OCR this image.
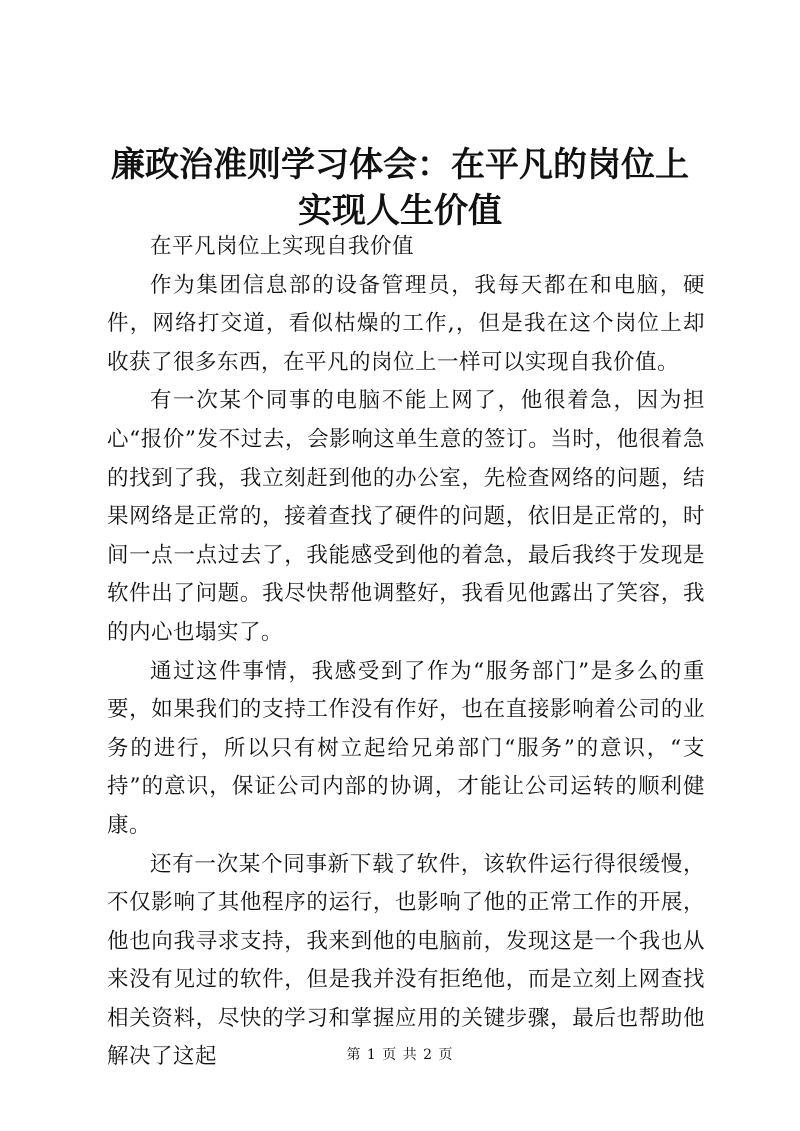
廉政治准则学习体会：在平凡的岗位上实现人生价值

在平凡岗位上实现自我价值

作为集团信息部的设备管理员，我每天都在和电脑，硬件，网络打交道，看似枯燥的工作,，但是我在这个岗位上却收获了很多东西，在平凡的岗位上一样可以实现自我价值。

有一次某个同事的电脑不能上网了，他很着急，因为担心“报价”发不过去，会影响这单生意的签订。当时，他很着急的找到了我，我立刻赶到他的办公室，先检查网络的问题，结果网络是正常的，接着查找了硬件的问题，依旧是正常的，时间一点一点过去了，我能感受到他的着急，最后我终于发现是软件出了问题。我尽快帮他调整好，我看见他露出了笑容，我的内心也塌实了。

通过这件事情，我感受到了作为“服务部门”是多么的重要，如果我们的支持工作没有作好，也在直接影响着公司的业务的进行，所以只有树立起给兄弟部门“服务”的意识，“支持”的意识，保证公司内部的协调，才能让公司运转的顺利健康。

还有一次某个同事新下载了软件，该软件运行得很缓慢，不仅影响了其他程序的运行，也影响了他的正常工作的开展，他也向我寻求支持，我来到他的电脑前，发现这是一个我也从来没有见过的软件，但是我并没有拒绝他，而是立刻上网查找相关资料，尽快的学习和掌握应用的关键步骤，最后也帮助他解决了这起	第 1 页 共 2 页
